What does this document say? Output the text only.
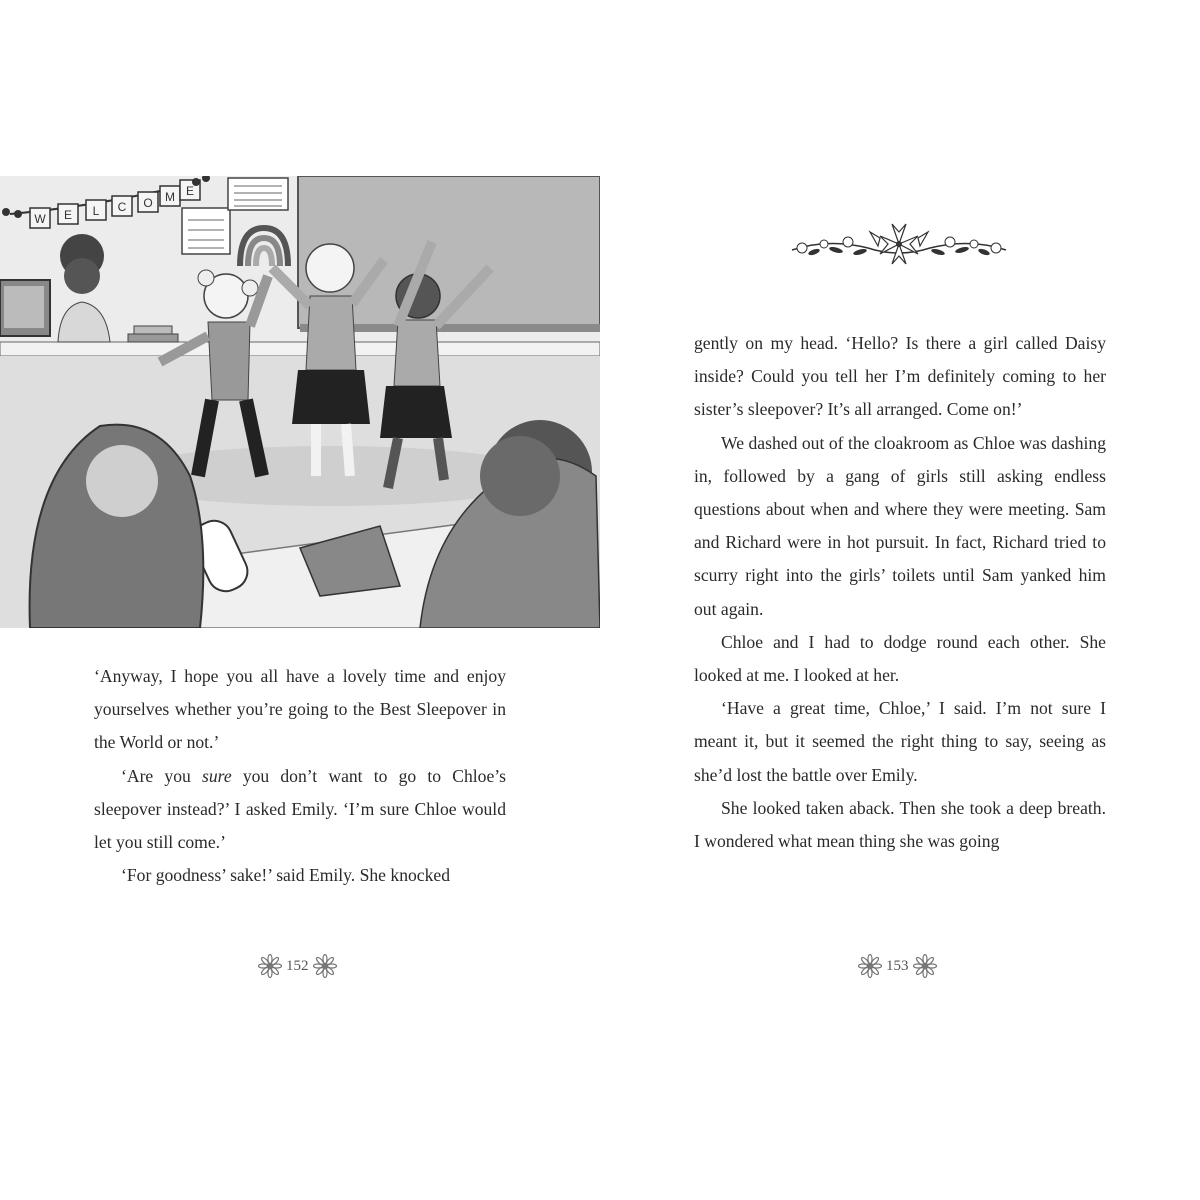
W E L C O M E

‘Anyway, I hope you all have a lovely time and enjoy yourselves whether you’re going to the Best Sleepover in the World or not.’

‘Are you sure you don’t want to go to Chloe’s sleepover instead?’ I asked Emily. ‘I’m sure Chloe would let you still come.’

‘For goodness’ sake!’ said Emily. She knocked

gently on my head. ‘Hello? Is there a girl called Daisy inside? Could you tell her I’m definitely coming to her sister’s sleepover? It’s all arranged. Come on!’

We dashed out of the cloakroom as Chloe was dashing in, followed by a gang of girls still asking endless questions about when and where they were meeting. Sam and Richard were in hot pursuit. In fact, Richard tried to scurry right into the girls’ toilets until Sam yanked him out again.

Chloe and I had to dodge round each other. She looked at me. I looked at her.

‘Have a great time, Chloe,’ I said. I’m not sure I meant it, but it seemed the right thing to say, seeing as she’d lost the battle over Emily.

She looked taken aback. Then she took a deep breath. I wondered what mean thing she was going

152	153
